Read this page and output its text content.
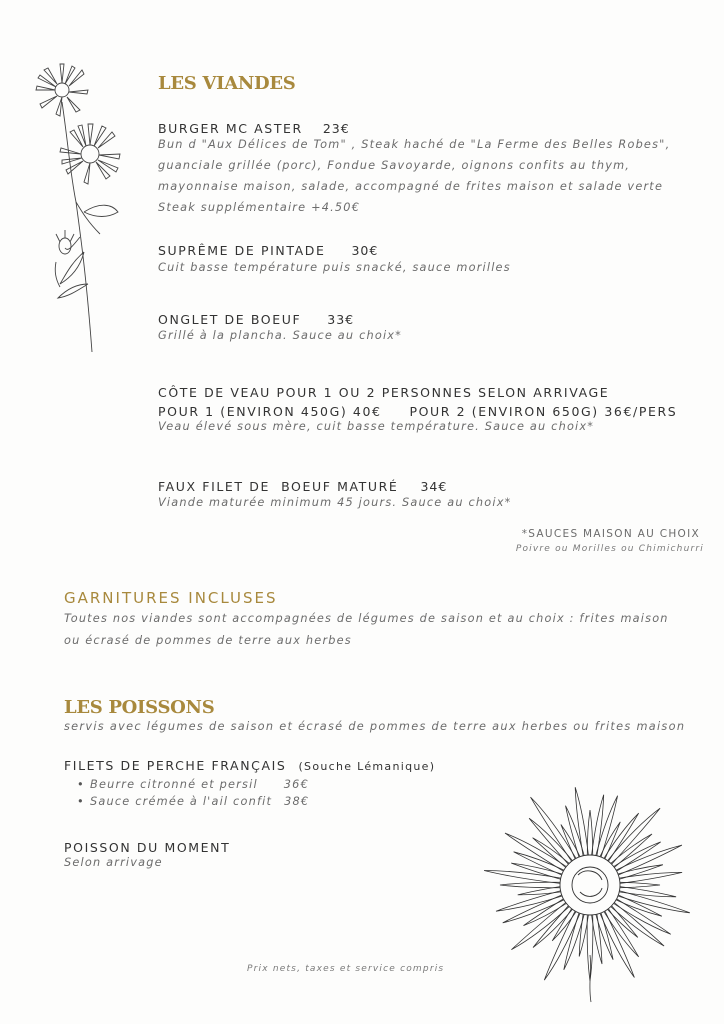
LES VIANDES
BURGER MC ASTER 23€
Bun d "Aux Délices de Tom" , Steak haché de "La Ferme des Belles Robes",
guanciale grillée (porc), Fondue Savoyarde, oignons confits au thym,
mayonnaise maison, salade, accompagné de frites maison et salade verte
Steak supplémentaire +4.50€
SUPRÊME DE PINTADE 30€
Cuit basse température puis snacké, sauce morilles
ONGLET DE BOEUF 33€
Grillé à la plancha. Sauce au choix*
CÔTE DE VEAU POUR 1 OU 2 PERSONNES SELON ARRIVAGE
POUR 1 (ENVIRON 450G) 40€     POUR 2 (ENVIRON 650G) 36€/PERS
Veau élevé sous mère, cuit basse température. Sauce au choix*
FAUX FILET DE  BOEUF MATURÉ 34€
Viande maturée minimum 45 jours. Sauce au choix*
*SAUCES MAISON AU CHOIX
Poivre ou Morilles ou Chimichurri
GARNITURES INCLUSES
Toutes nos viandes sont accompagnées de légumes de saison et au choix : frites maison
ou écrasé de pommes de terre aux herbes
LES POISSONS
servis avec légumes de saison et écrasé de pommes de terre aux herbes ou frites maison
FILETS DE PERCHE FRANÇAIS (Souche Lémanique)
• Beurre citronné et persil 36€
• Sauce crémée à l'ail confit 38€
POISSON DU MOMENT
Selon arrivage
Prix nets, taxes et service compris
